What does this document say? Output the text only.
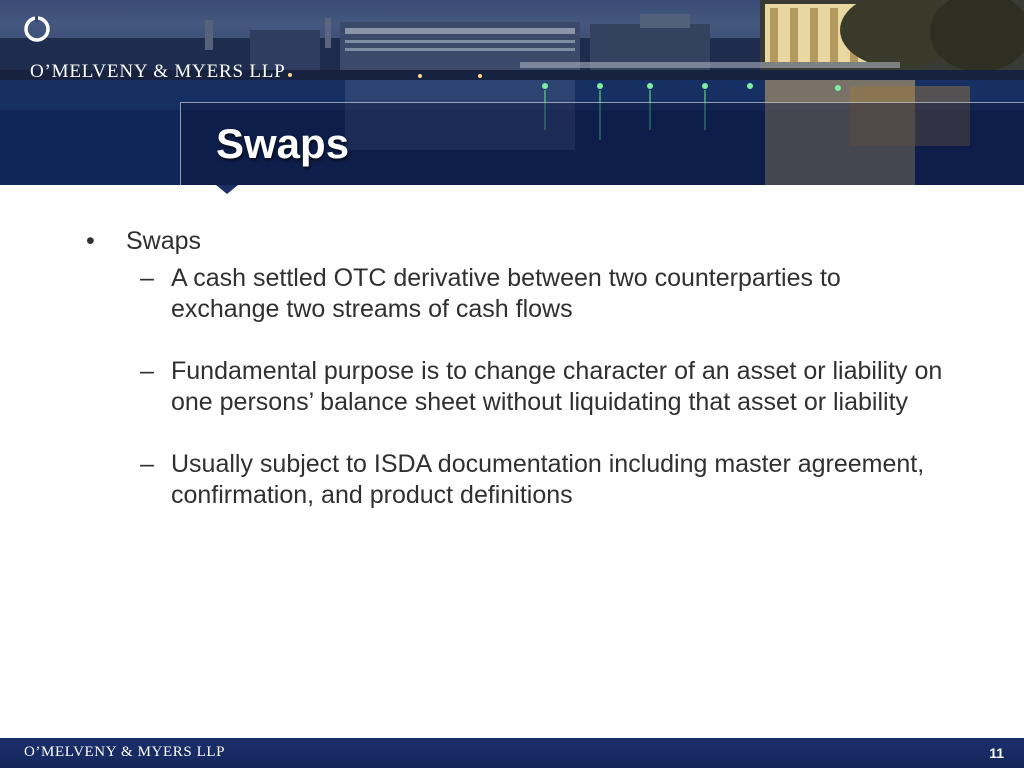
O’MELVENY & MYERS LLP
Swaps
• Swaps
– A cash settled OTC derivative between two counterparties to exchange two streams of cash flows
– Fundamental purpose is to change character of an asset or liability on one persons’ balance sheet without liquidating that asset or liability
– Usually subject to ISDA documentation including master agreement, confirmation, and product definitions
O’MELVENY & MYERS LLP	11
